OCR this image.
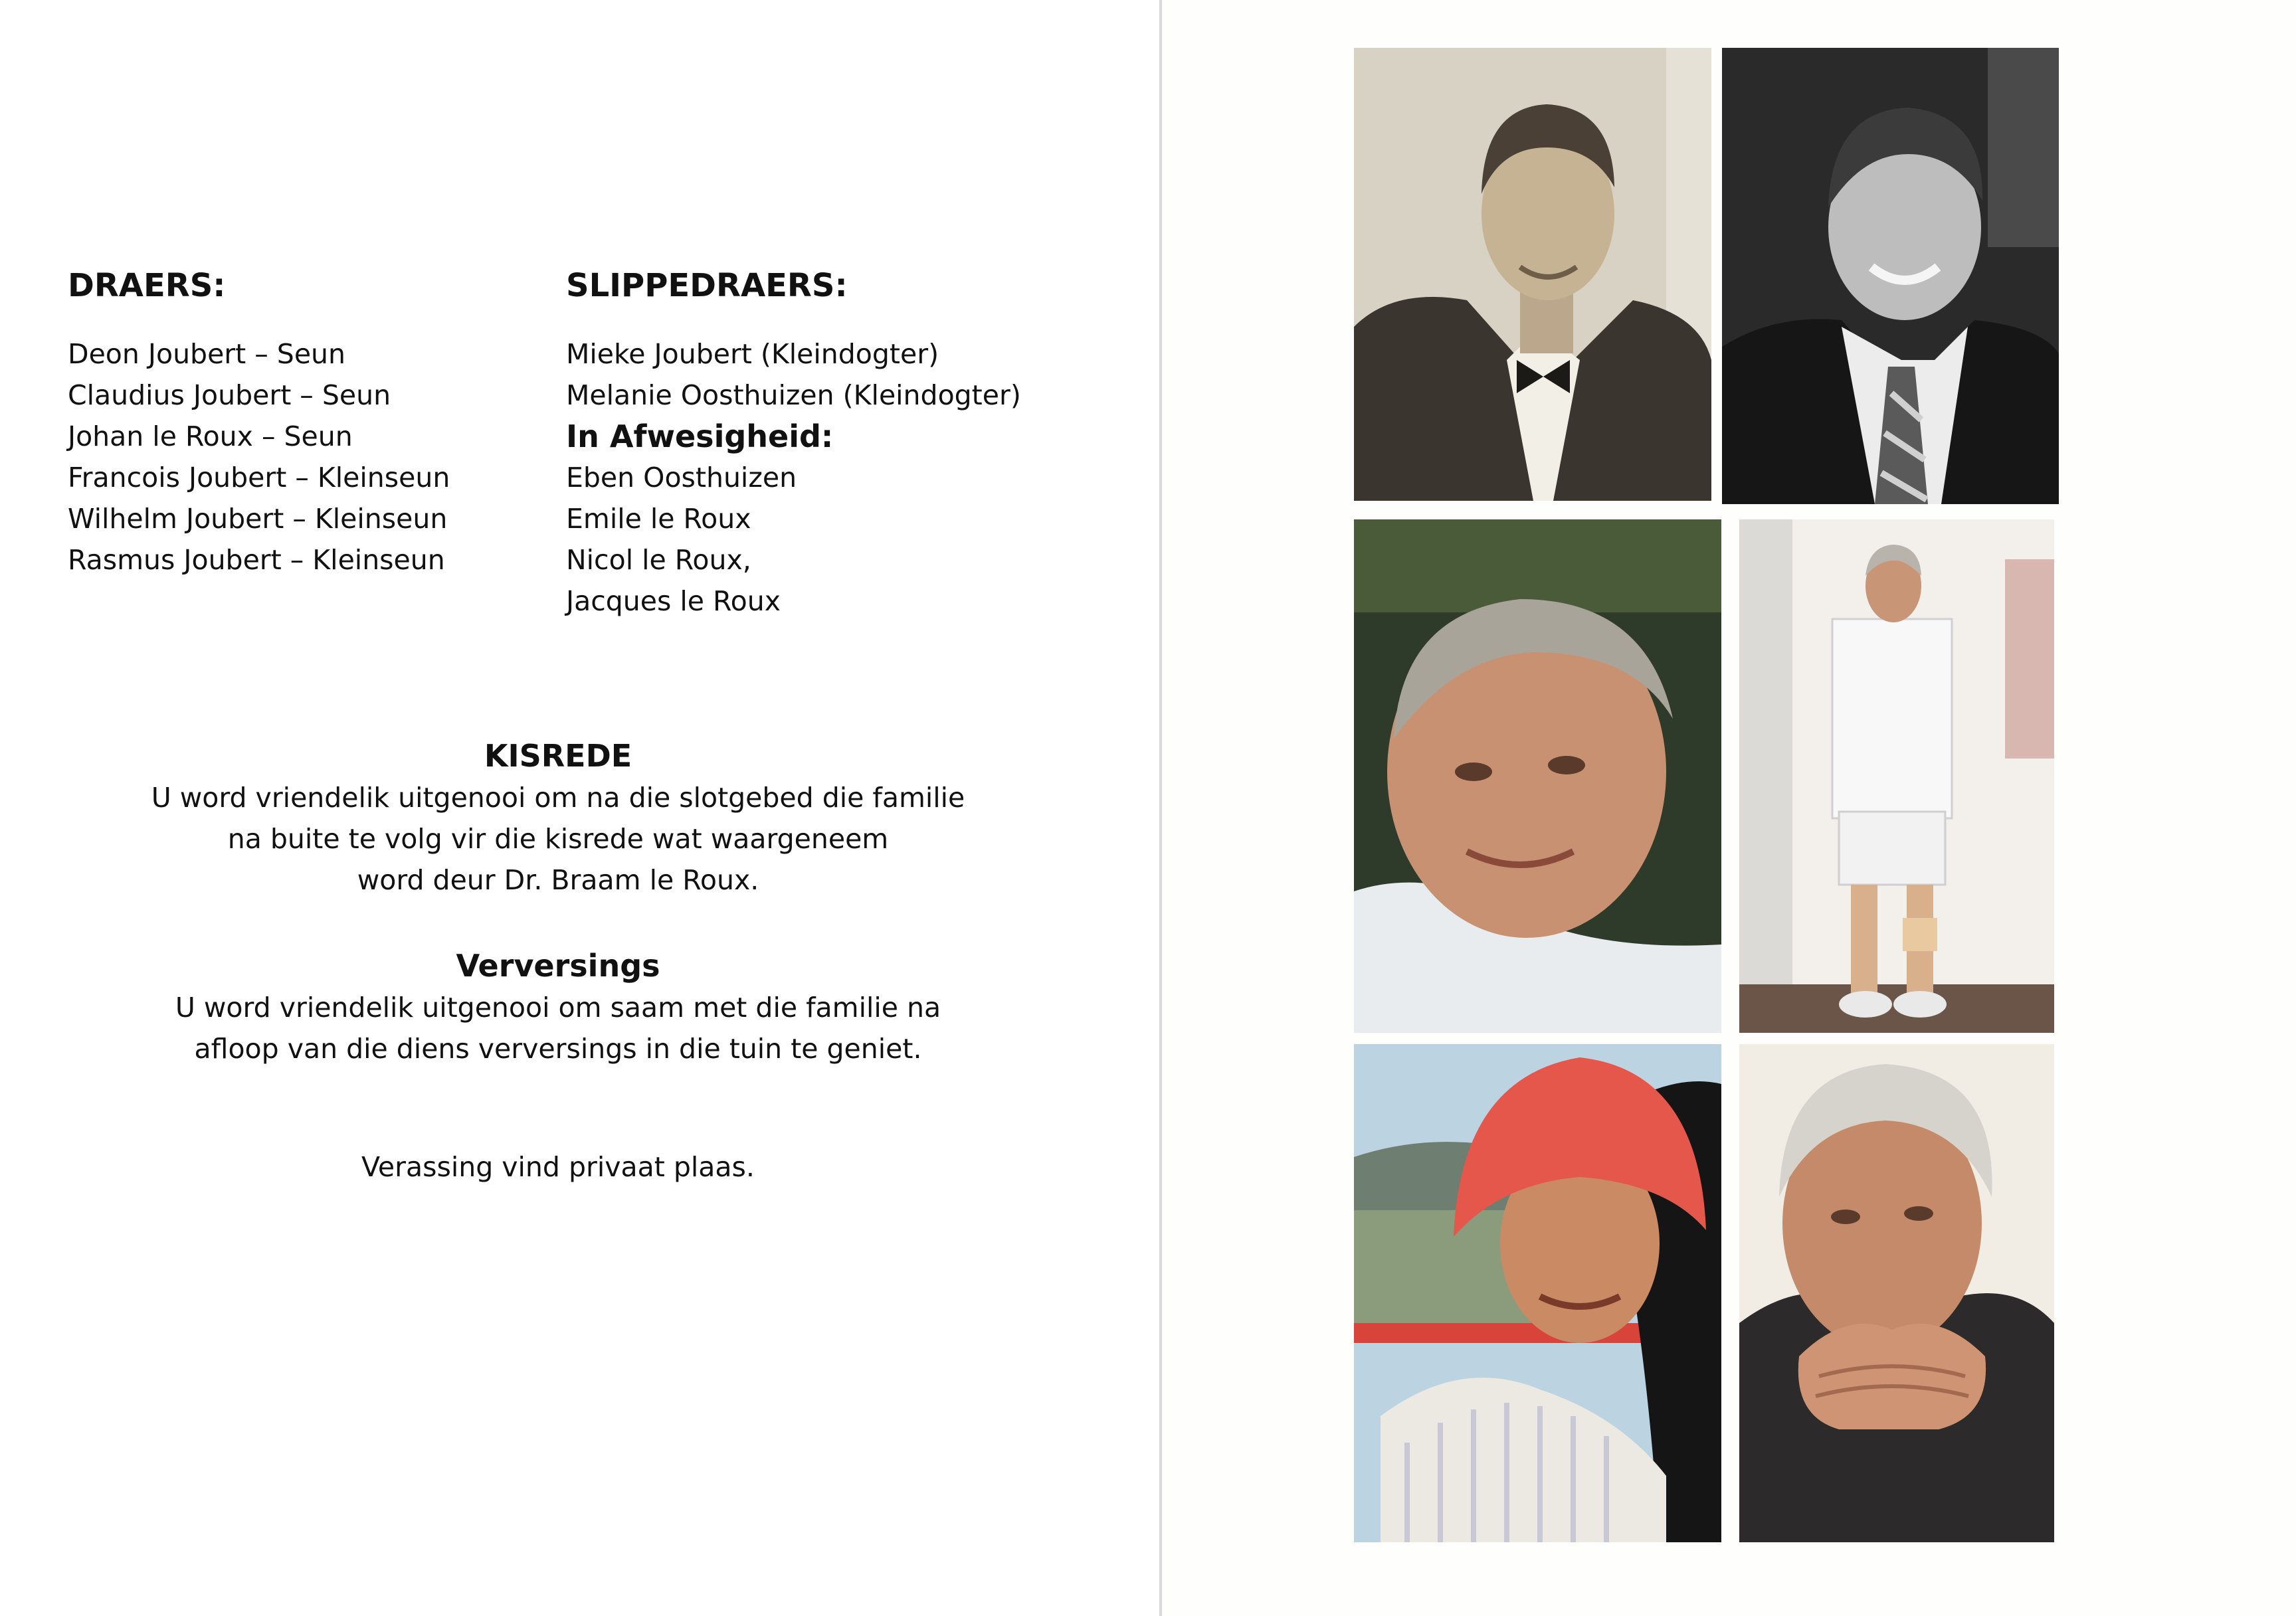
DRAERS:
Deon Joubert – Seun
Claudius Joubert – Seun
Johan le Roux – Seun
Francois Joubert – Kleinseun
Wilhelm Joubert – Kleinseun
Rasmus Joubert – Kleinseun
SLIPPEDRAERS:
Mieke Joubert (Kleindogter)
Melanie Oosthuizen (Kleindogter)
In Afwesigheid:
Eben Oosthuizen
Emile le Roux
Nicol le Roux,
Jacques le Roux
KISREDE
U word vriendelik uitgenooi om na die slotgebed die familie
na buite te volg vir die kisrede wat waargeneem
word deur Dr. Braam le Roux.
Verversings
U word vriendelik uitgenooi om saam met die familie na
afloop van die diens verversings in die tuin te geniet.
Verassing vind privaat plaas.
